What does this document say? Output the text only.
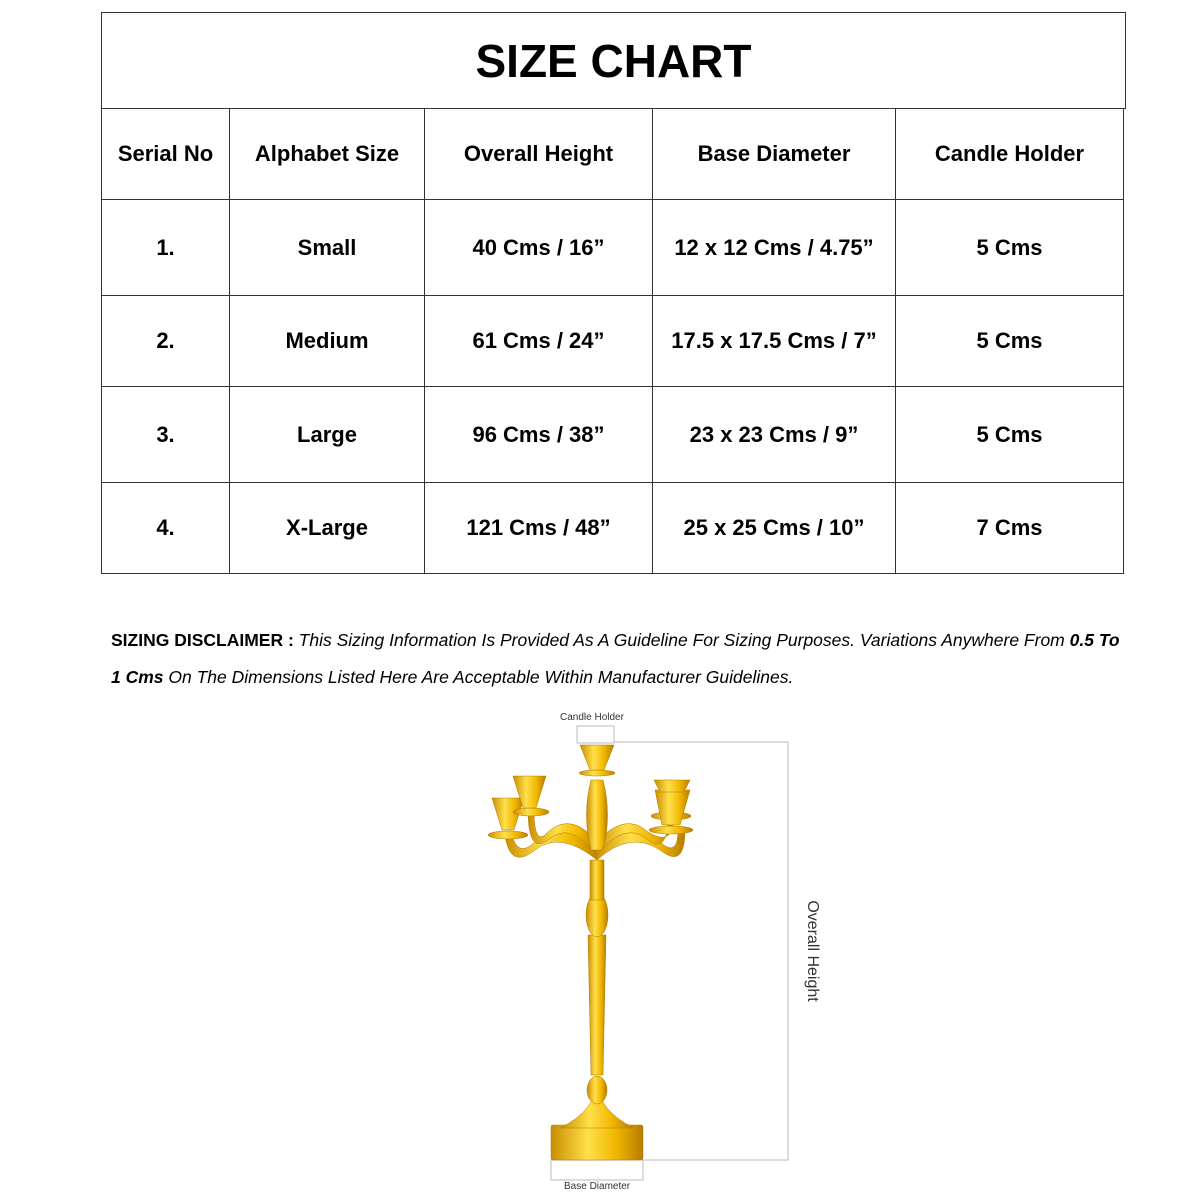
SIZE CHART
Serial No	Alphabet Size	Overall Height	Base Diameter	Candle Holder
1.	Small	40 Cms / 16”	12 x 12 Cms / 4.75”	5 Cms
2.	Medium	61 Cms / 24”	17.5 x 17.5 Cms / 7”	5 Cms
3.	Large	96 Cms / 38”	23 x 23 Cms / 9”	5 Cms
4.	X-Large	121 Cms / 48”	25 x 25 Cms / 10”	7 Cms
SIZING DISCLAIMER : This Sizing Information Is Provided As A Guideline For Sizing Purposes. Variations Anywhere From 0.5 To 1 Cms On The Dimensions Listed Here Are Acceptable Within Manufacturer Guidelines.
Candle Holder
Base Diameter
Overall Height
